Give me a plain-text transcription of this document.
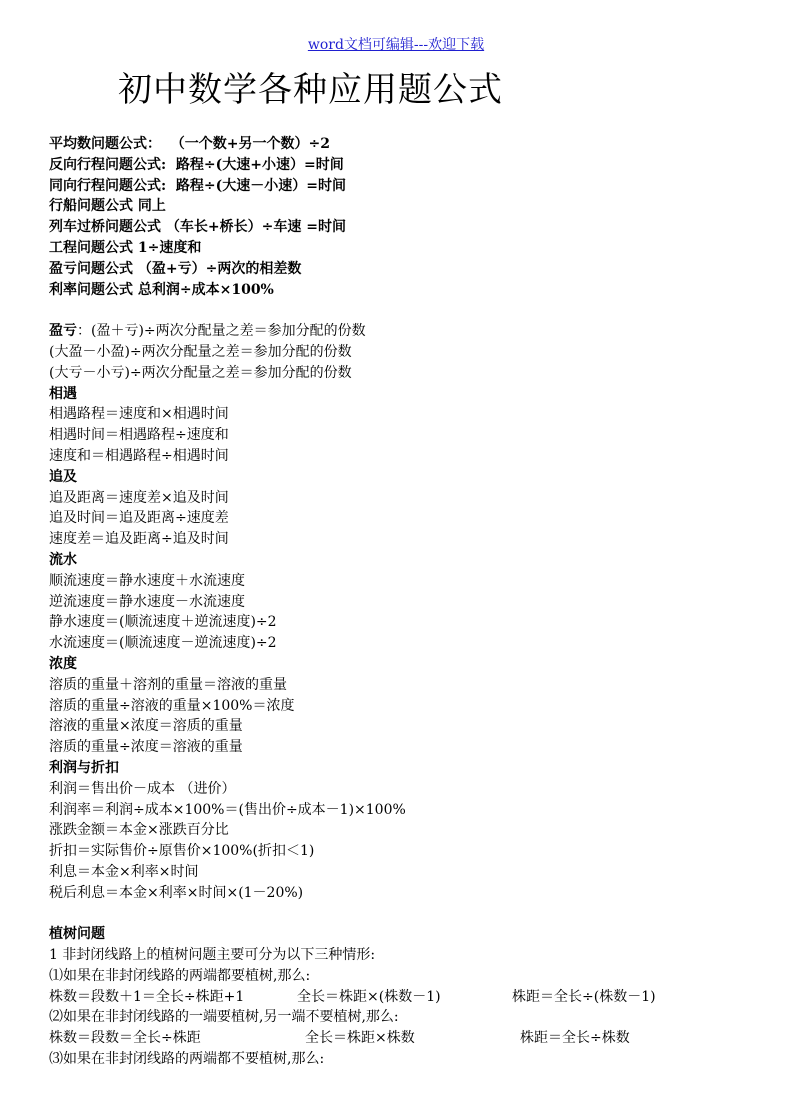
word文档可编辑---欢迎下载
初中数学各种应用题公式
平均数问题公式：  （一个数+另一个数）÷2
反向行程问题公式:  路程÷(大速+小速）=时间
同向行程问题公式:  路程÷(大速－小速）=时间
行船问题公式 同上
列车过桥问题公式 （车长+桥长）÷车速 =时间
工程问题公式 1÷速度和
盈亏问题公式 （盈+亏）÷两次的相差数
利率问题公式 总利润÷成本×100%
盈亏：(盈＋亏)÷两次分配量之差＝参加分配的份数
(大盈－小盈)÷两次分配量之差＝参加分配的份数
(大亏－小亏)÷两次分配量之差＝参加分配的份数
相遇
相遇路程＝速度和×相遇时间
相遇时间＝相遇路程÷速度和
速度和＝相遇路程÷相遇时间
追及
追及距离＝速度差×追及时间
追及时间＝追及距离÷速度差
速度差＝追及距离÷追及时间
流水
顺流速度＝静水速度＋水流速度
逆流速度＝静水速度－水流速度
静水速度＝(顺流速度＋逆流速度)÷2
水流速度＝(顺流速度－逆流速度)÷2
浓度
溶质的重量＋溶剂的重量＝溶液的重量
溶质的重量÷溶液的重量×100%＝浓度
溶液的重量×浓度＝溶质的重量
溶质的重量÷浓度＝溶液的重量
利润与折扣
利润＝售出价－成本 （进价）
利润率＝利润÷成本×100%＝(售出价÷成本－1)×100%
涨跌金额＝本金×涨跌百分比
折扣＝实际售价÷原售价×100%(折扣＜1)
利息＝本金×利率×时间
税后利息＝本金×利率×时间×(1－20%)
植树问题
1 非封闭线路上的植树问题主要可分为以下三种情形:
⑴如果在非封闭线路的两端都要植树,那么:
株数＝段数＋1＝全长÷株距+1	全长＝株距×(株数－1)	株距＝全长÷(株数－1)
⑵如果在非封闭线路的一端要植树,另一端不要植树,那么:
株数＝段数＝全长÷株距	全长＝株距×株数	株距＝全长÷株数
⑶如果在非封闭线路的两端都不要植树,那么:
